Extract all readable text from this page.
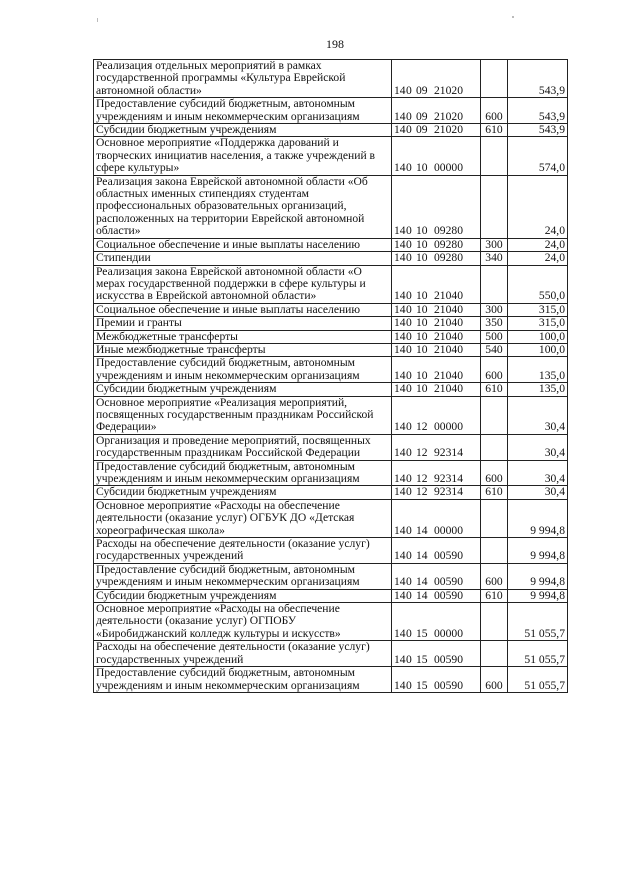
198
Реализация отдельных мероприятий в рамках государственной программы «Культура Еврейской автономной области»	140 09 21020		543,9
Предоставление субсидий бюджетным, автономным учреждениям и иным некоммерческим организациям	140 09 21020	600	543,9
Субсидии бюджетным учреждениям	140 09 21020	610	543,9
Основное мероприятие «Поддержка дарований и творческих инициатив населения, а также учреждений в сфере культуры»	140 10 00000		574,0
Реализация закона Еврейской автономной области «Об областных именных стипендиях студентам профессиональных образовательных организаций, расположенных на территории Еврейской автономной области»	140 10 09280		24,0
Социальное обеспечение и иные выплаты населению	140 10 09280	300	24,0
Стипендии	140 10 09280	340	24,0
Реализация закона Еврейской автономной области «О мерах государственной поддержки в сфере культуры и искусства в Еврейской автономной области»	140 10 21040		550,0
Социальное обеспечение и иные выплаты населению	140 10 21040	300	315,0
Премии и гранты	140 10 21040	350	315,0
Межбюджетные трансферты	140 10 21040	500	100,0
Иные межбюджетные трансферты	140 10 21040	540	100,0
Предоставление субсидий бюджетным, автономным учреждениям и иным некоммерческим организациям	140 10 21040	600	135,0
Субсидии бюджетным учреждениям	140 10 21040	610	135,0
Основное мероприятие «Реализация мероприятий, посвященных государственным праздникам Российской Федерации»	140 12 00000		30,4
Организация и проведение мероприятий, посвященных государственным праздникам Российской Федерации	140 12 92314		30,4
Предоставление субсидий бюджетным, автономным учреждениям и иным некоммерческим организациям	140 12 92314	600	30,4
Субсидии бюджетным учреждениям	140 12 92314	610	30,4
Основное мероприятие «Расходы на обеспечение деятельности (оказание услуг) ОГБУК ДО «Детская хореографическая школа»	140 14 00000		9 994,8
Расходы на обеспечение деятельности (оказание услуг) государственных учреждений	140 14 00590		9 994,8
Предоставление субсидий бюджетным, автономным учреждениям и иным некоммерческим организациям	140 14 00590	600	9 994,8
Субсидии бюджетным учреждениям	140 14 00590	610	9 994,8
Основное мероприятие «Расходы на обеспечение деятельности (оказание услуг) ОГПОБУ «Биробиджанский колледж культуры и искусств»	140 15 00000		51 055,7
Расходы на обеспечение деятельности (оказание услуг) государственных учреждений	140 15 00590		51 055,7
Предоставление субсидий бюджетным, автономным учреждениям и иным некоммерческим организациям	140 15 00590	600	51 055,7
